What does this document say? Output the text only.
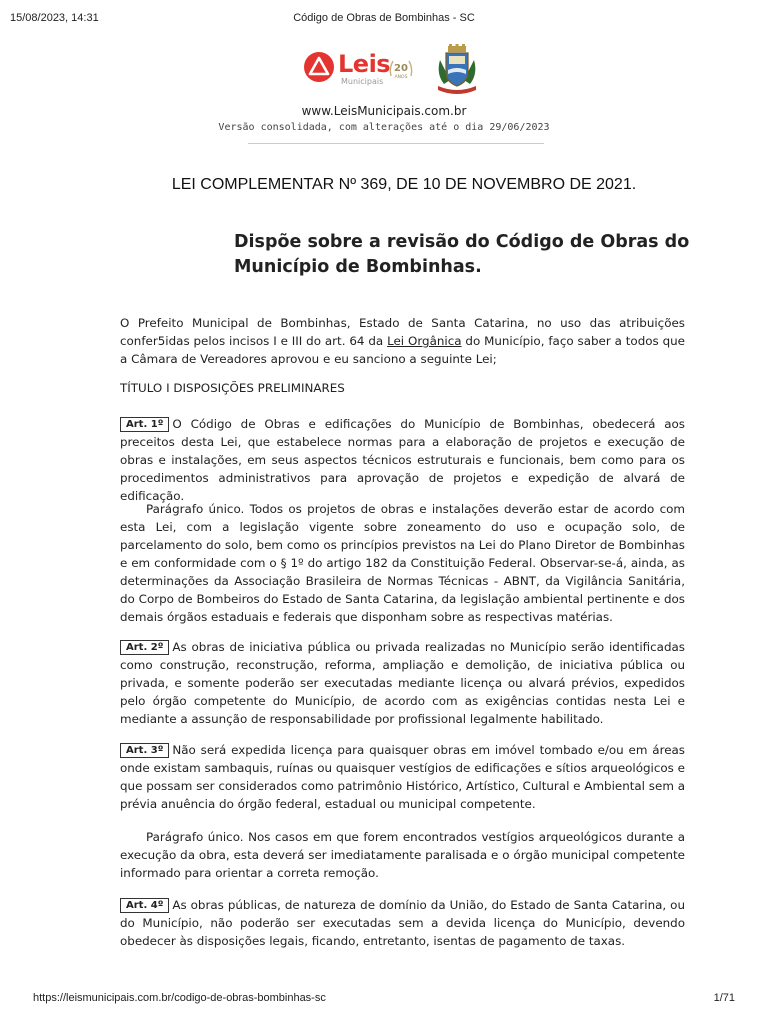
15/08/2023, 14:31	Código de Obras de Bombinhas - SC
Leis
Municipais
20
ANOS
www.LeisMunicipais.com.br
Versão consolidada, com alterações até o dia 29/06/2023
LEI COMPLEMENTAR Nº 369, DE 10 DE NOVEMBRO DE 2021.
Dispõe sobre a revisão do Código de Obras do Município de Bombinhas.
O Prefeito Municipal de Bombinhas, Estado de Santa Catarina, no uso das atribuições confer5idas pelos incisos I e III do art. 64 da Lei Orgânica do Município, faço saber a todos que a Câmara de Vereadores aprovou e eu sanciono a seguinte Lei;
TÍTULO I DISPOSIÇÕES PRELIMINARES
Art. 1º O Código de Obras e edificações do Município de Bombinhas, obedecerá aos preceitos desta Lei, que estabelece normas para a elaboração de projetos e execução de obras e instalações, em seus aspectos técnicos estruturais e funcionais, bem como para os procedimentos administrativos para aprovação de projetos e expedição de alvará de edificação.
Parágrafo único. Todos os projetos de obras e instalações deverão estar de acordo com esta Lei, com a legislação vigente sobre zoneamento do uso e ocupação solo, de parcelamento do solo, bem como os princípios previstos na Lei do Plano Diretor de Bombinhas e em conformidade com o § 1º do artigo 182 da Constituição Federal. Observar-se-á, ainda, as determinações da Associação Brasileira de Normas Técnicas - ABNT, da Vigilância Sanitária, do Corpo de Bombeiros do Estado de Santa Catarina, da legislação ambiental pertinente e dos demais órgãos estaduais e federais que disponham sobre as respectivas matérias.
Art. 2º As obras de iniciativa pública ou privada realizadas no Município serão identificadas como construção, reconstrução, reforma, ampliação e demolição, de iniciativa pública ou privada, e somente poderão ser executadas mediante licença ou alvará prévios, expedidos pelo órgão competente do Município, de acordo com as exigências contidas nesta Lei e mediante a assunção de responsabilidade por profissional legalmente habilitado.
Art. 3º Não será expedida licença para quaisquer obras em imóvel tombado e/ou em áreas onde existam sambaquis, ruínas ou quaisquer vestígios de edificações e sítios arqueológicos e que possam ser considerados como patrimônio Histórico, Artístico, Cultural e Ambiental sem a prévia anuência do órgão federal, estadual ou municipal competente.
Parágrafo único. Nos casos em que forem encontrados vestígios arqueológicos durante a execução da obra, esta deverá ser imediatamente paralisada e o órgão municipal competente informado para orientar a correta remoção.
Art. 4º As obras públicas, de natureza de domínio da União, do Estado de Santa Catarina, ou do Município, não poderão ser executadas sem a devida licença do Município, devendo obedecer às disposições legais, ficando, entretanto, isentas de pagamento de taxas.
https://leismunicipais.com.br/codigo-de-obras-bombinhas-sc	1/71
